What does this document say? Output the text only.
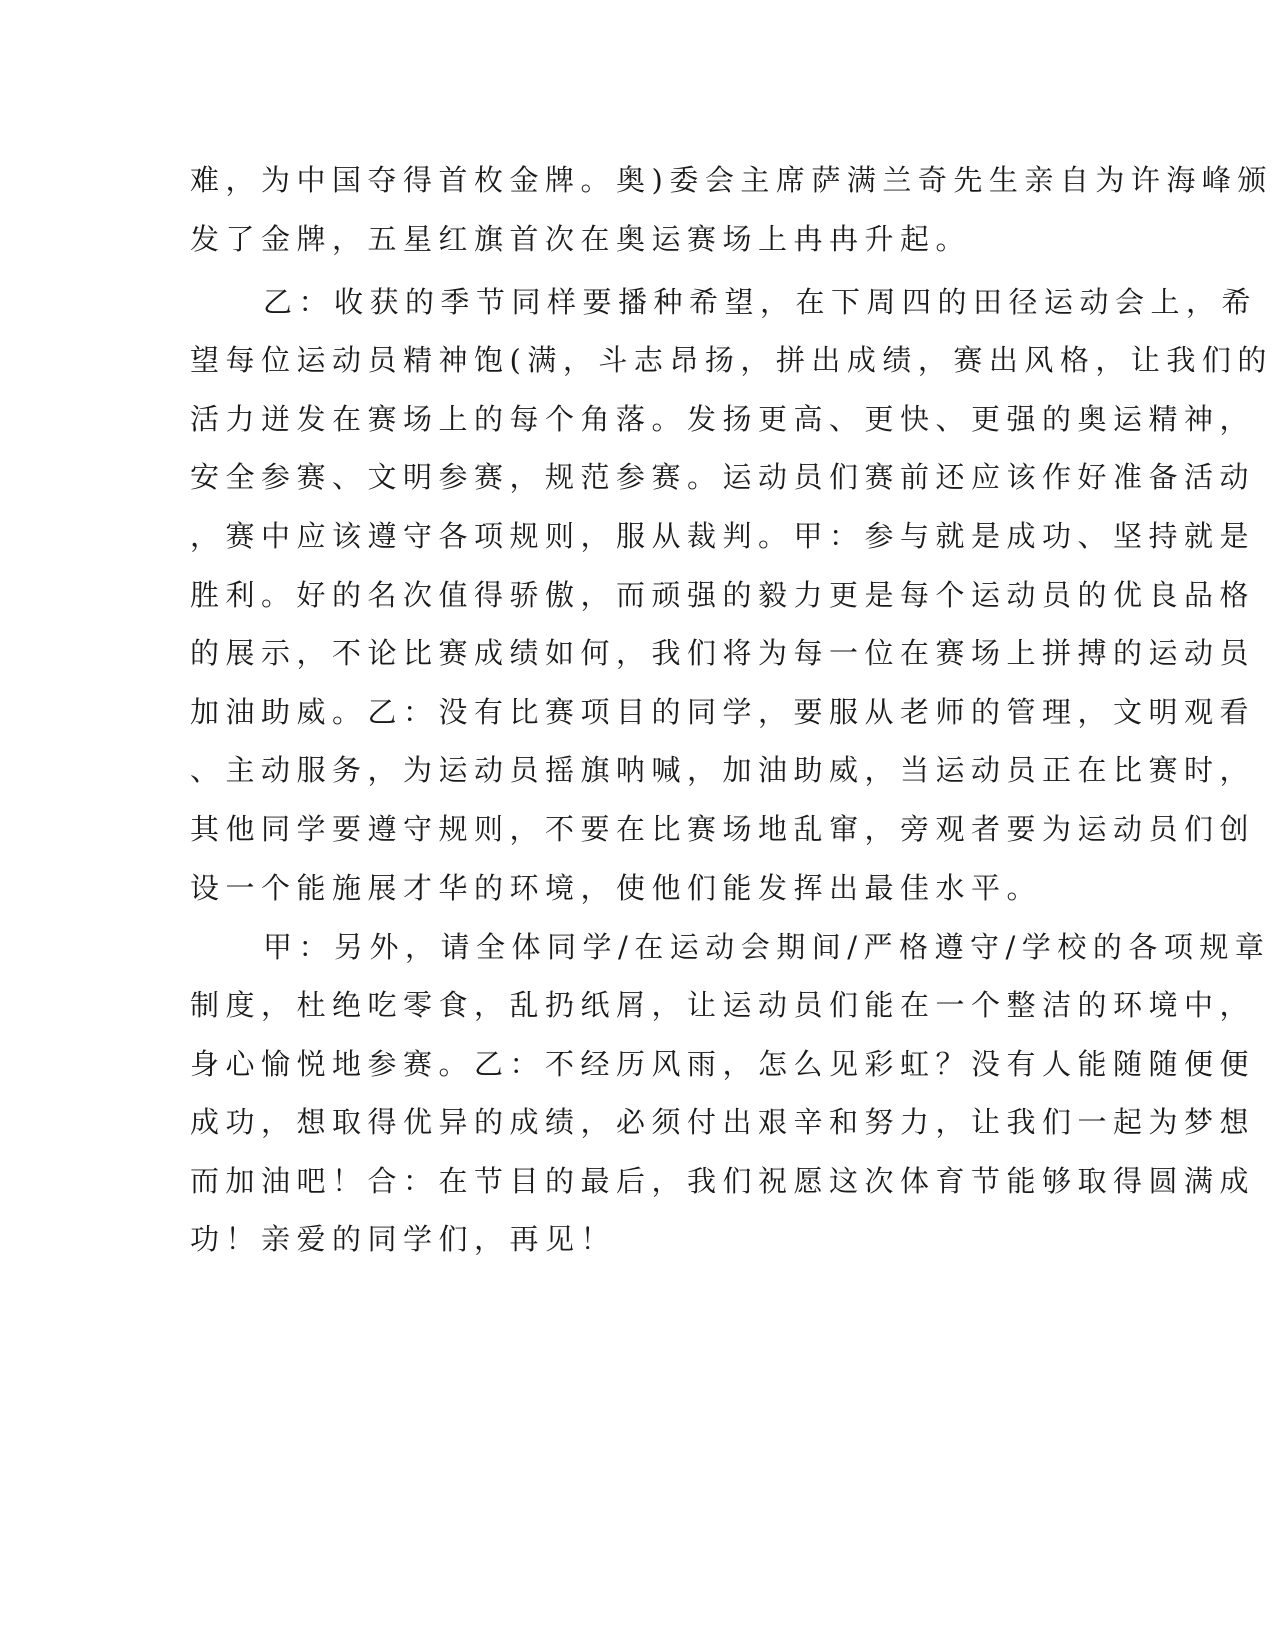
难，为中国夺得首枚金牌。奥)委会主席萨满兰奇先生亲自为许海峰颁
发了金牌，五星红旗首次在奥运赛场上冉冉升起。
乙：收获的季节同样要播种希望，在下周四的田径运动会上，希
望每位运动员精神饱(满，斗志昂扬，拼出成绩，赛出风格，让我们的
活力迸发在赛场上的每个角落。发扬更高、更快、更强的奥运精神，
安全参赛、文明参赛，规范参赛。运动员们赛前还应该作好准备活动
，赛中应该遵守各项规则，服从裁判。甲：参与就是成功、坚持就是
胜利。好的名次值得骄傲，而顽强的毅力更是每个运动员的优良品格
的展示，不论比赛成绩如何，我们将为每一位在赛场上拼搏的运动员
加油助威。乙：没有比赛项目的同学，要服从老师的管理，文明观看
、主动服务，为运动员摇旗呐喊，加油助威，当运动员正在比赛时，
其他同学要遵守规则，不要在比赛场地乱窜，旁观者要为运动员们创
设一个能施展才华的环境，使他们能发挥出最佳水平。
甲：另外，请全体同学/在运动会期间/严格遵守/学校的各项规章
制度，杜绝吃零食，乱扔纸屑，让运动员们能在一个整洁的环境中，
身心愉悦地参赛。乙：不经历风雨，怎么见彩虹？没有人能随随便便
成功，想取得优异的成绩，必须付出艰辛和努力，让我们一起为梦想
而加油吧！合：在节目的最后，我们祝愿这次体育节能够取得圆满成
功！亲爱的同学们，再见！
